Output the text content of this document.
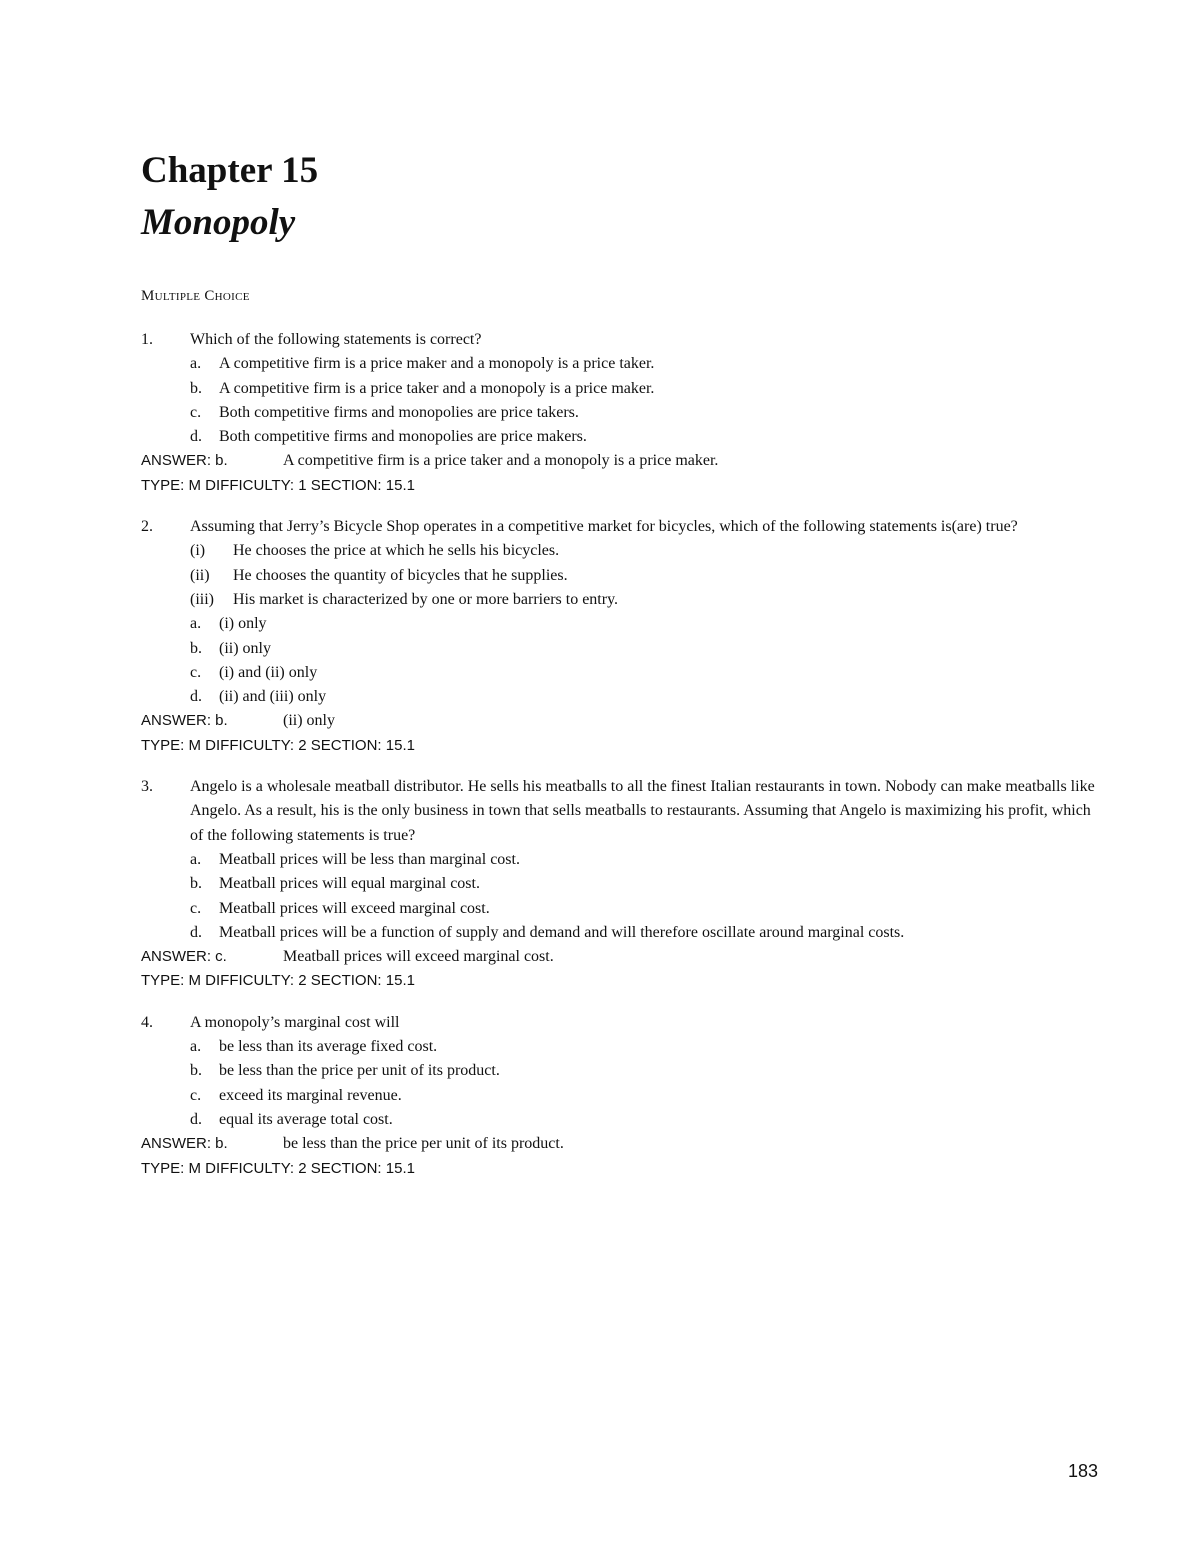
Chapter 15
Monopoly
Multiple Choice
1.	Which of the following statements is correct?
a.	A competitive firm is a price maker and a monopoly is a price taker.
b.	A competitive firm is a price taker and a monopoly is a price maker.
c.	Both competitive firms and monopolies are price takers.
d.	Both competitive firms and monopolies are price makers.
ANSWER: b.	A competitive firm is a price taker and a monopoly is a price maker.
TYPE: M DIFFICULTY: 1 SECTION: 15.1
2.	Assuming that Jerry’s Bicycle Shop operates in a competitive market for bicycles, which of the following statements is(are) true?
(i)	He chooses the price at which he sells his bicycles.
(ii)	He chooses the quantity of bicycles that he supplies.
(iii)	His market is characterized by one or more barriers to entry.
a.	(i) only
b.	(ii) only
c.	(i) and (ii) only
d.	(ii) and (iii) only
ANSWER: b.	(ii) only
TYPE: M DIFFICULTY: 2 SECTION: 15.1
3.	Angelo is a wholesale meatball distributor. He sells his meatballs to all the finest Italian restaurants in town. Nobody can make meatballs like Angelo. As a result, his is the only business in town that sells meatballs to restaurants. Assuming that Angelo is maximizing his profit, which of the following statements is true?
a.	Meatball prices will be less than marginal cost.
b.	Meatball prices will equal marginal cost.
c.	Meatball prices will exceed marginal cost.
d.	Meatball prices will be a function of supply and demand and will therefore oscillate around marginal costs.
ANSWER: c.	Meatball prices will exceed marginal cost.
TYPE: M DIFFICULTY: 2 SECTION: 15.1
4.	A monopoly’s marginal cost will
a.	be less than its average fixed cost.
b.	be less than the price per unit of its product.
c.	exceed its marginal revenue.
d.	equal its average total cost.
ANSWER: b.	be less than the price per unit of its product.
TYPE: M DIFFICULTY: 2 SECTION: 15.1
183
